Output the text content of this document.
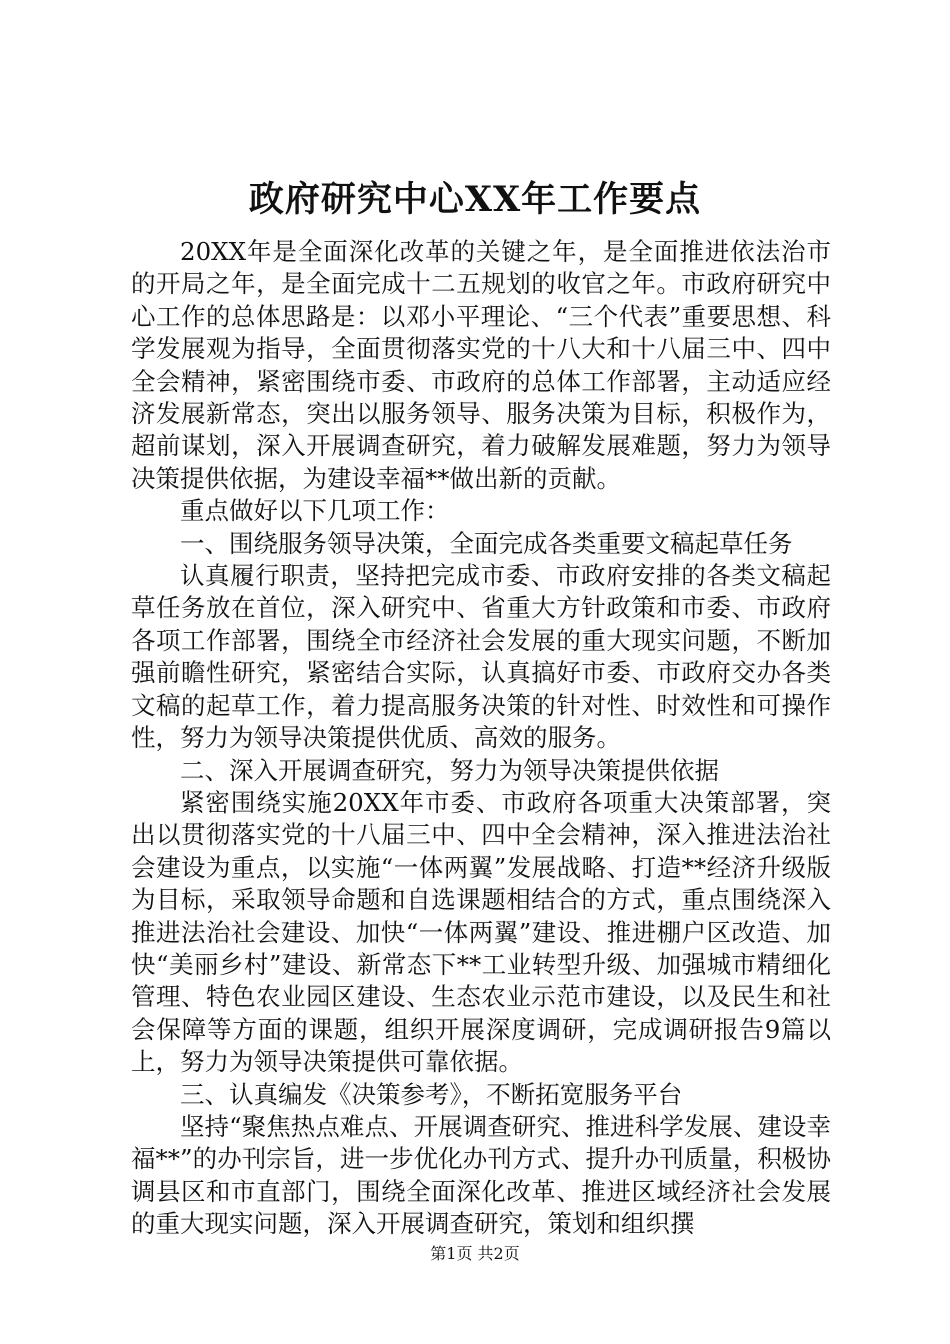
政府研究中心XX年工作要点

20XX年是全面深化改革的关键之年，是全面推进依法治市的开局之年，是全面完成十二五规划的收官之年。市政府研究中心工作的总体思路是：以邓小平理论、“三个代表”重要思想、科学发展观为指导，全面贯彻落实党的十八大和十八届三中、四中全会精神，紧密围绕市委、市政府的总体工作部署，主动适应经济发展新常态，突出以服务领导、服务决策为目标，积极作为，超前谋划，深入开展调查研究，着力破解发展难题，努力为领导决策提供依据，为建设幸福**做出新的贡献。

重点做好以下几项工作：

一、围绕服务领导决策，全面完成各类重要文稿起草任务

认真履行职责，坚持把完成市委、市政府安排的各类文稿起草任务放在首位，深入研究中、省重大方针政策和市委、市政府各项工作部署，围绕全市经济社会发展的重大现实问题，不断加强前瞻性研究，紧密结合实际，认真搞好市委、市政府交办各类文稿的起草工作，着力提高服务决策的针对性、时效性和可操作性，努力为领导决策提供优质、高效的服务。

二、深入开展调查研究，努力为领导决策提供依据

紧密围绕实施20XX年市委、市政府各项重大决策部署，突出以贯彻落实党的十八届三中、四中全会精神，深入推进法治社会建设为重点，以实施“一体两翼”发展战略、打造**经济升级版为目标，采取领导命题和自选课题相结合的方式，重点围绕深入推进法治社会建设、加快“一体两翼”建设、推进棚户区改造、加快“美丽乡村”建设、新常态下**工业转型升级、加强城市精细化管理、特色农业园区建设、生态农业示范市建设，以及民生和社会保障等方面的课题，组织开展深度调研，完成调研报告9篇以上，努力为领导决策提供可靠依据。

三、认真编发《决策参考》，不断拓宽服务平台

坚持“聚焦热点难点、开展调查研究、推进科学发展、建设幸福**”的办刊宗旨，进一步优化办刊方式、提升办刊质量，积极协调县区和市直部门，围绕全面深化改革、推进区域经济社会发展的重大现实问题，深入开展调查研究，策划和组织撰

第1页 共2页
